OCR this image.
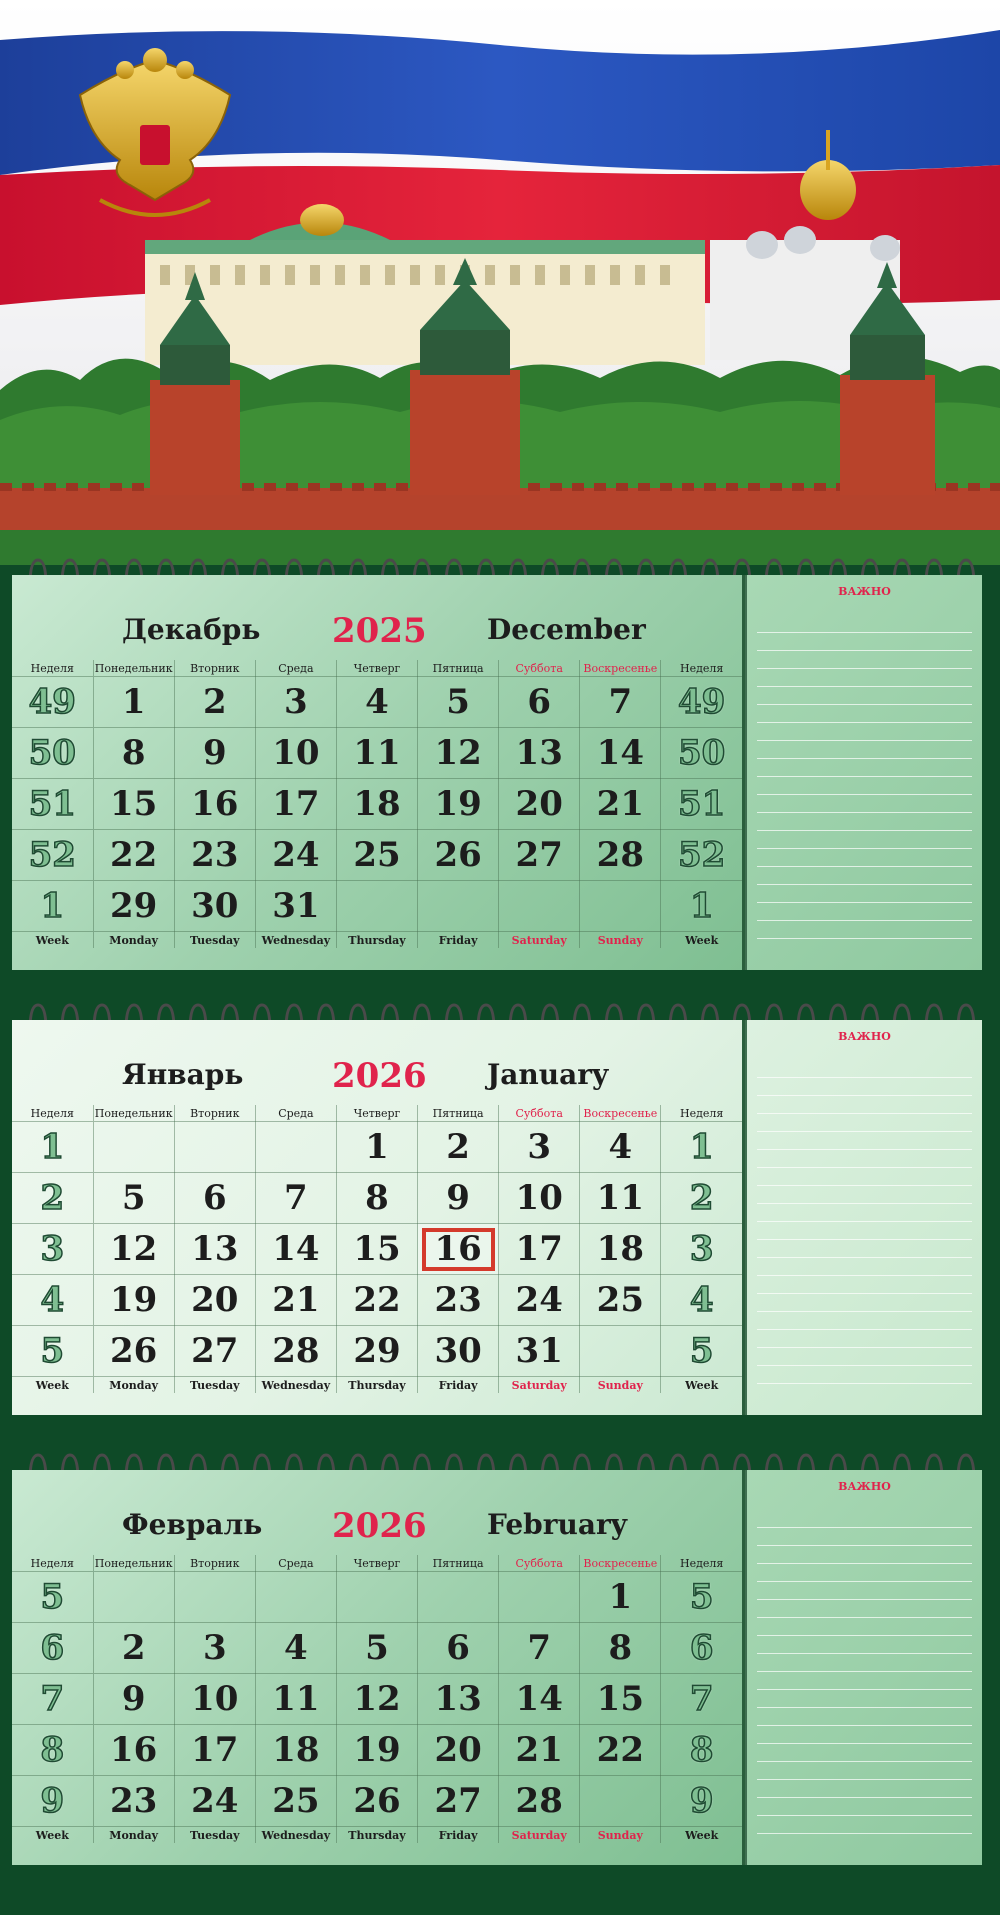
Декабрь 2025 December
Неделя	Понедельник	Вторник	Среда	Четверг	Пятница	Суббота	Воскресенье	Неделя
49	1	2	3	4	5	6	7	49
50	8	9	10	11	12	13	14	50
51	15	16	17	18	19	20	21	51
52	22	23	24	25	26	27	28	52
1	29	30	31					1
Week	Monday	Tuesday	Wednesday	Thursday	Friday	Saturday	Sunday	Week
ВАЖНО
Январь	2026 January
Неделя	Понедельник	Вторник	Среда	Четверг	Пятница	Суббота	Воскресенье	Неделя
1				1	2	3	4	1
2	5	6	7	8	9	10	11	2
3	12	13	14	15	16	17	18	3
4	19	20	21	22	23	24	25	4
5	26	27	28	29	30	31		5
Week	Monday	Tuesday	Wednesday	Thursday	Friday	Saturday	Sunday	Week
ВАЖНО
Февраль 2026 February
Неделя	Понедельник	Вторник	Среда	Четверг	Пятница	Суббота	Воскресенье	Неделя
5							1	5
6	2	3	4	5	6	7	8	6
7	9	10	11	12	13	14	15	7
8	16	17	18	19	20	21	22	8
9	23	24	25	26	27	28		9
Week	Monday	Tuesday	Wednesday	Thursday	Friday	Saturday	Sunday	Week
ВАЖНО
